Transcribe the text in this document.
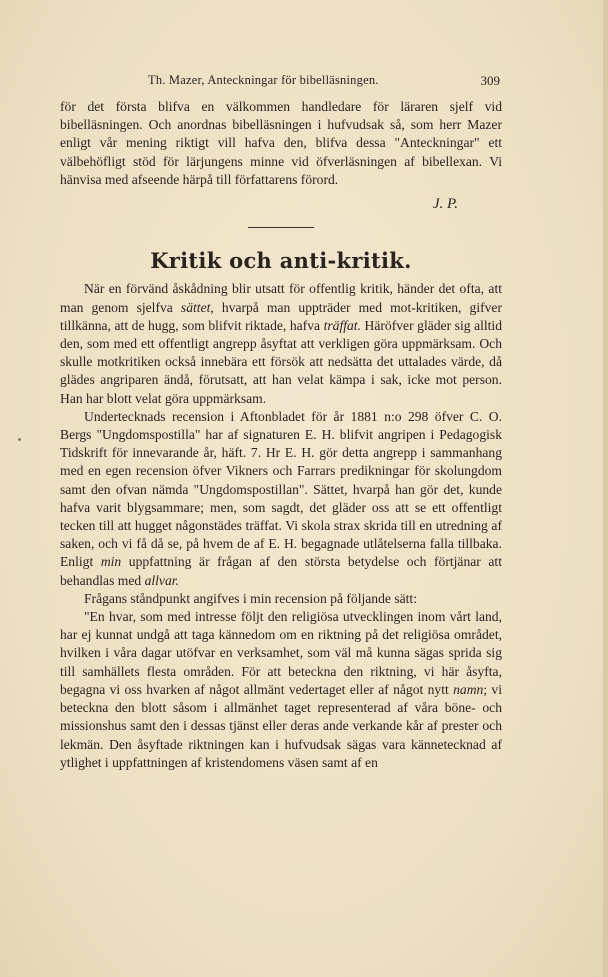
Th. Mazer, Anteckningar för bibelläsningen.	309

för det första blifva en välkommen handledare för läraren sjelf vid bibelläsningen. Och anordnas bibelläsningen i hufvudsak så, som herr Mazer enligt vår mening riktigt vill hafva den, blifva dessa "Anteckningar" ett välbehöfligt stöd för lärjungens minne vid öfverläsningen af bibellexan. Vi hänvisa med afseende härpå till författarens förord.

J. P.
Kritik och anti-kritik.

När en förvänd åskådning blir utsatt för offentlig kritik, händer det ofta, att man genom sjelfva sättet, hvarpå man uppträder med mot-kritiken, gifver tillkänna, att de hugg, som blifvit riktade, hafva träffat. Häröfver gläder sig alltid den, som med ett offentligt angrepp åsyftat att verkligen göra uppmärksam. Och skulle motkritiken också innebära ett försök att nedsätta det uttalades värde, då glädes angriparen ändå, förutsatt, att han velat kämpa i sak, icke mot person. Han har blott velat göra uppmärksam.

Undertecknads recension i Aftonbladet för år 1881 n:o 298 öfver C. O. Bergs "Ungdomspostilla" har af signaturen E. H. blifvit angripen i Pedagogisk Tidskrift för innevarande år, häft. 7. Hr E. H. gör detta angrepp i sammanhang med en egen recension öfver Vikners och Farrars predikningar för skolungdom samt den ofvan nämda "Ungdomspostillan". Sättet, hvarpå han gör det, kunde hafva varit blygsammare; men, som sagdt, det gläder oss att se ett offentligt tecken till att hugget någonstädes träffat. Vi skola strax skrida till en utredning af saken, och vi få då se, på hvem de af E. H. begagnade utlåtelserna falla tillbaka. Enligt min uppfattning är frågan af den största betydelse och förtjänar att behandlas med allvar.

Frågans ståndpunkt angifves i min recension på följande sätt:

"En hvar, som med intresse följt den religiösa utvecklingen inom vårt land, har ej kunnat undgå att taga kännedom om en riktning på det religiösa området, hvilken i våra dagar utöfvar en verksamhet, som väl må kunna sägas sprida sig till samhällets flesta områden. För att beteckna den riktning, vi här åsyfta, begagna vi oss hvarken af något allmänt vedertaget eller af något nytt namn; vi beteckna den blott såsom i allmänhet taget representerad af våra böne- och missionshus samt den i dessas tjänst eller deras ande verkande kår af prester och lekmän. Den åsyftade riktningen kan i hufvudsak sägas vara kännetecknad af ytlighet i uppfattningen af kristendomens väsen samt af en
